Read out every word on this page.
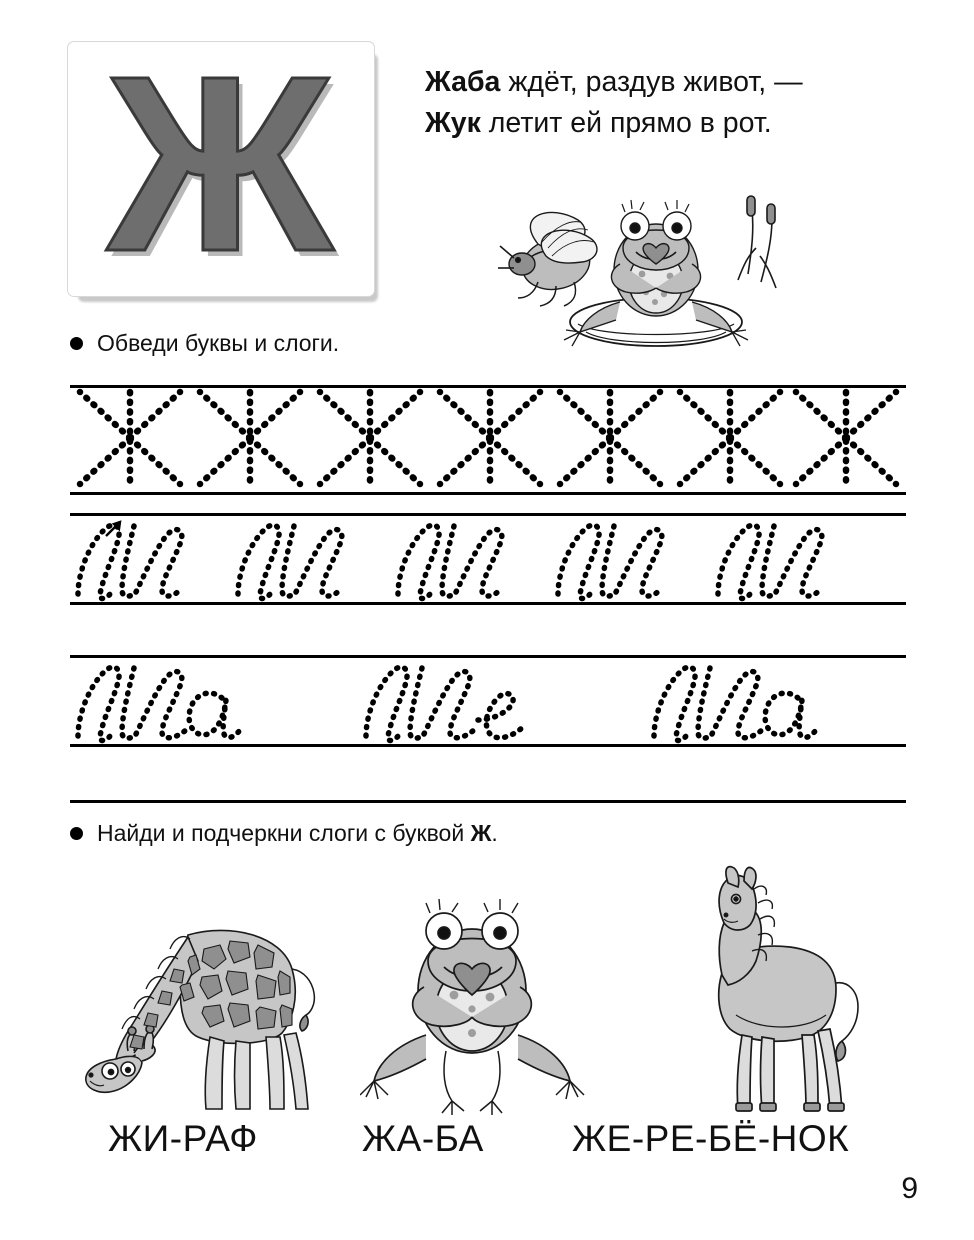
Ж	Жаба ждёт, раздув живот, —
Жук летит ей прямо в рот.
Обведи буквы и слоги.
Найди и подчеркни слоги с буквой Ж.
ЖИ-РАФ	ЖА-БА ЖЕ-РЕ-БЁ-НОК
9
